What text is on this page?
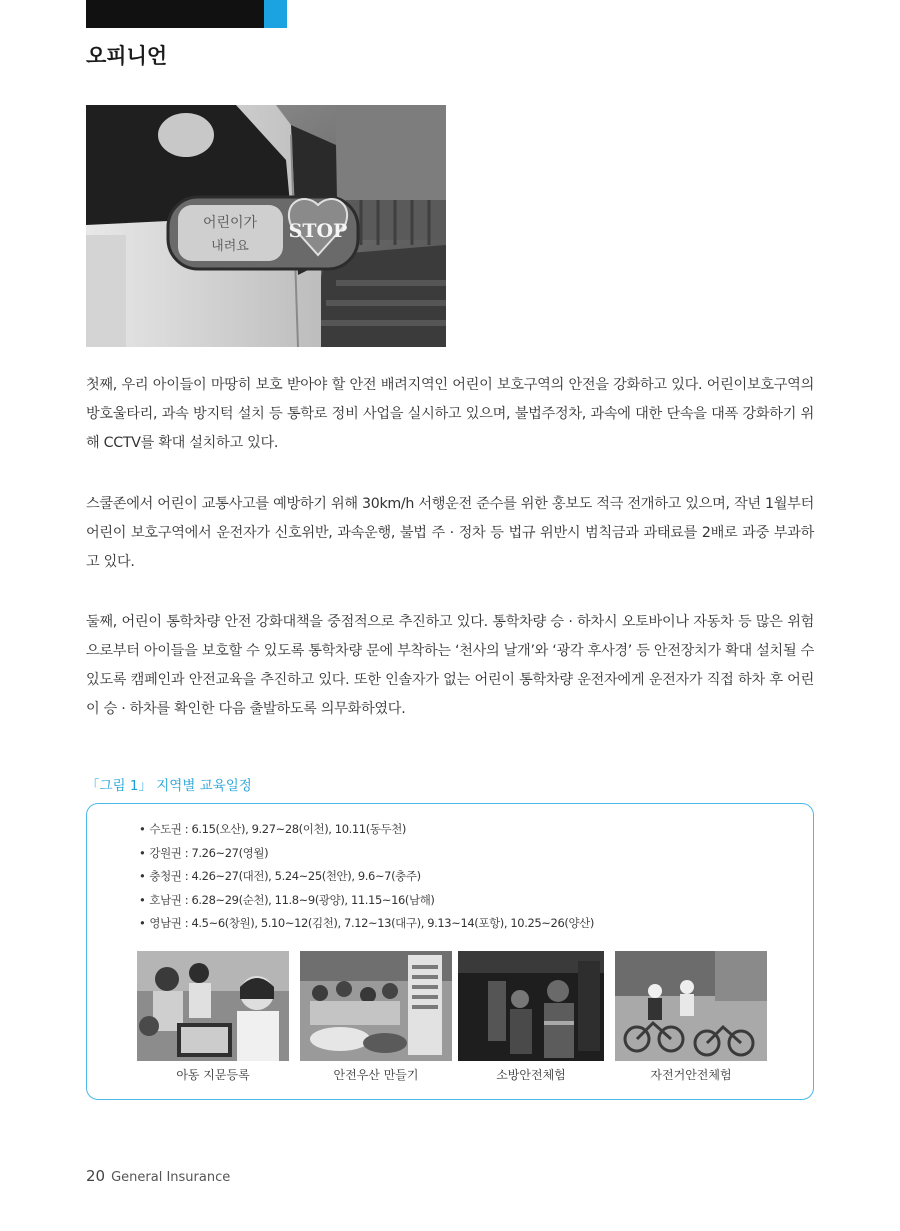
오피니언
STOP
어린이가
내려요

첫째, 우리 아이들이 마땅히 보호 받아야 할 안전 배려지역인 어린이 보호구역의 안전을 강화하고 있다. 어린이보호구역의 방호울타리, 과속 방지턱 설치 등 통학로 정비 사업을 실시하고 있으며, 불법주정차, 과속에 대한 단속을 대폭 강화하기 위해 CCTV를 확대 설치하고 있다.

스쿨존에서 어린이 교통사고를 예방하기 위해 30km/h 서행운전 준수를 위한 홍보도 적극 전개하고 있으며, 작년 1월부터 어린이 보호구역에서 운전자가 신호위반, 과속운행, 불법 주 · 정차 등 법규 위반시 범칙금과 과태료를 2배로 과중 부과하고 있다.

둘째, 어린이 통학차량 안전 강화대책을 중점적으로 추진하고 있다. 통학차량 승 · 하차시 오토바이나 자동차 등 많은 위험으로부터 아이들을 보호할 수 있도록 통학차량 문에 부착하는 ‘천사의 날개’와 ‘광각 후사경’ 등 안전장치가 확대 설치될 수 있도록 캠페인과 안전교육을 추진하고 있다. 또한 인솔자가 없는 어린이 통학차량 운전자에게 운전자가 직접 하차 후 어린이 승 · 하차를 확인한 다음 출발하도록 의무화하였다.

「그림 1」 지역별 교육일정

• 수도권 : 6.15(오산), 9.27~28(이천), 10.11(동두천)
• 강원권 : 7.26~27(영월)
• 충청권 : 4.26~27(대전), 5.24~25(천안), 9.6~7(충주)
• 호남권 : 6.28~29(순천), 11.8~9(광양), 11.15~16(남해)
• 영남권 : 4.5~6(창원), 5.10~12(김천), 7.12~13(대구), 9.13~14(포항), 10.25~26(양산)
아동 지문등록	안전우산 만들기	소방안전체험	자전거안전체험
20 General Insurance
